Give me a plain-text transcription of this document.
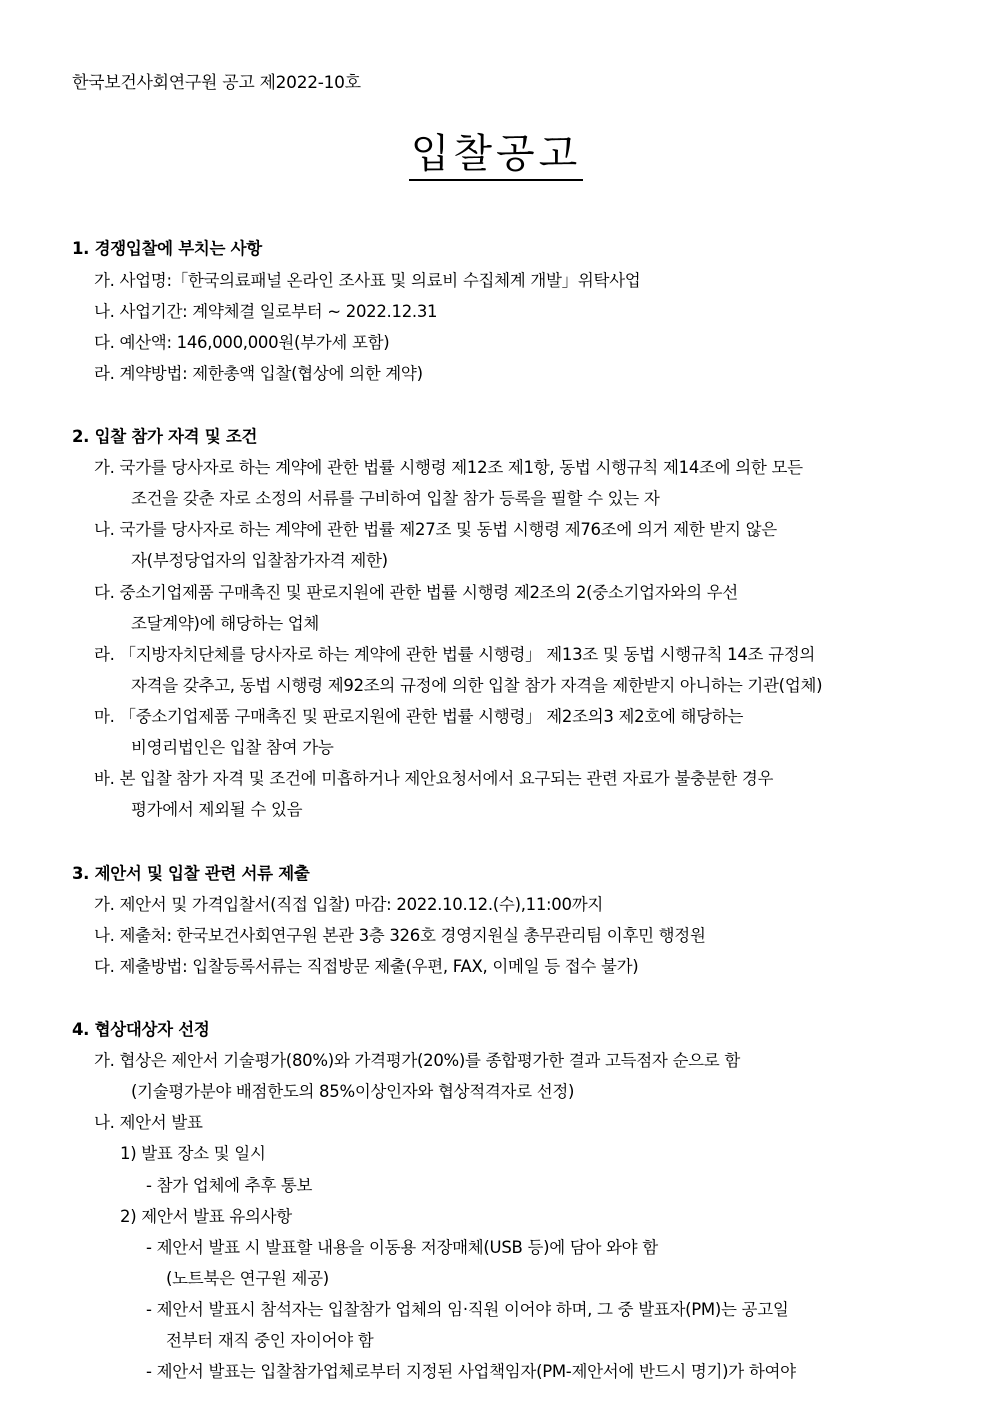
한국보건사회연구원 공고 제2022-10호
입찰공고
1. 경쟁입찰에 부치는 사항
가. 사업명:「한국의료패널 온라인 조사표 및 의료비 수집체계 개발」위탁사업
나. 사업기간: 계약체결 일로부터 ~ 2022.12.31
다. 예산액: 146,000,000원(부가세 포함)
라. 계약방법: 제한총액 입찰(협상에 의한 계약)
2. 입찰 참가 자격 및 조건
가. 국가를 당사자로 하는 계약에 관한 법률 시행령 제12조 제1항, 동법 시행규칙 제14조에 의한 모든
조건을 갖춘 자로 소정의 서류를 구비하여 입찰 참가 등록을 필할 수 있는 자
나. 국가를 당사자로 하는 계약에 관한 법률 제27조 및 동법 시행령 제76조에 의거 제한 받지 않은
자(부정당업자의 입찰참가자격 제한)
다. 중소기업제품 구매촉진 및 판로지원에 관한 법률 시행령 제2조의 2(중소기업자와의 우선
조달계약)에 해당하는 업체
라. 「지방자치단체를 당사자로 하는 계약에 관한 법률 시행령」 제13조 및 동법 시행규칙 14조 규정의
자격을 갖추고, 동법 시행령 제92조의 규정에 의한 입찰 참가 자격을 제한받지 아니하는 기관(업체)
마. 「중소기업제품 구매촉진 및 판로지원에 관한 법률 시행령」 제2조의3 제2호에 해당하는
비영리법인은 입찰 참여 가능
바. 본 입찰 참가 자격 및 조건에 미흡하거나 제안요청서에서 요구되는 관련 자료가 불충분한 경우
평가에서 제외될 수 있음
3. 제안서 및 입찰 관련 서류 제출
가. 제안서 및 가격입찰서(직접 입찰) 마감: 2022.10.12.(수),11:00까지
나. 제출처: 한국보건사회연구원 본관 3층 326호 경영지원실 총무관리팀 이후민 행정원
다. 제출방법: 입찰등록서류는 직접방문 제출(우편, FAX, 이메일 등 접수 불가)
4. 협상대상자 선정
가. 협상은 제안서 기술평가(80%)와 가격평가(20%)를 종합평가한 결과 고득점자 순으로 함
(기술평가분야 배점한도의 85%이상인자와 협상적격자로 선정)
나. 제안서 발표
1) 발표 장소 및 일시
- 참가 업체에 추후 통보
2) 제안서 발표 유의사항
- 제안서 발표 시 발표할 내용을 이동용 저장매체(USB 등)에 담아 와야 함
(노트북은 연구원 제공)
- 제안서 발표시 참석자는 입찰참가 업체의 임·직원 이어야 하며, 그 중 발표자(PM)는 공고일
전부터 재직 중인 자이어야 함
- 제안서 발표는 입찰참가업체로부터 지정된 사업책임자(PM-제안서에 반드시 명기)가 하여야
